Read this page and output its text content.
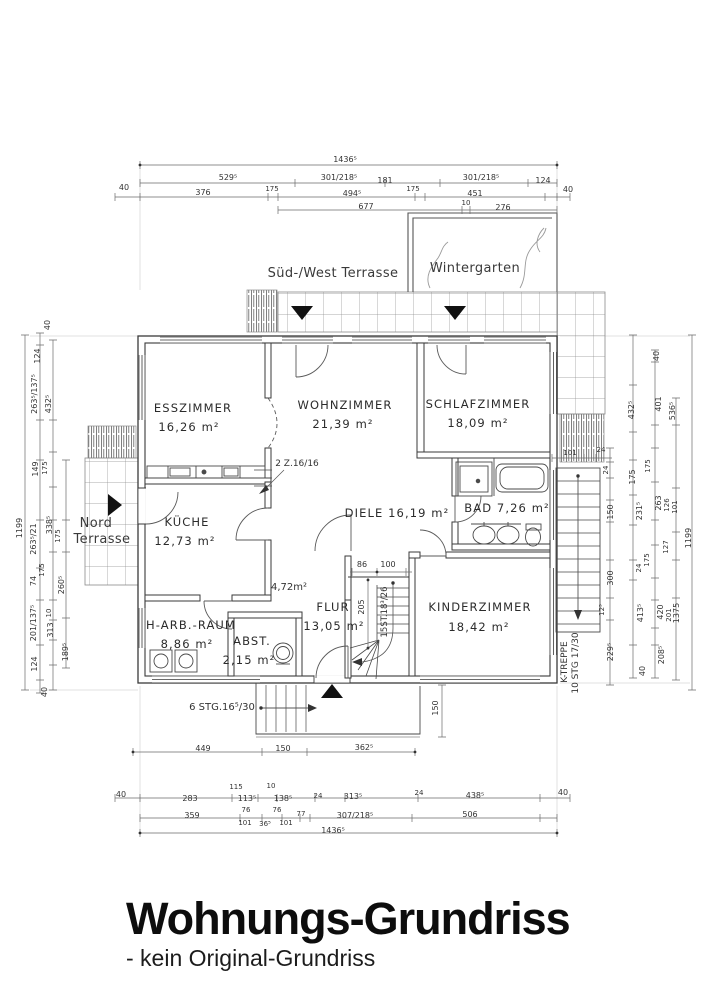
1436⁵
529⁵	301/218⁵	181	301/218⁵	124
40
376	175	494⁵	175	451	40
677	10	276
449	150	362⁵
40	283
115
113⁵
10
138⁵	24	313⁵	24	438⁵	40
359
76
101 36⁵
76
101
77	307/218⁵	506
1436⁵
1199
40
124
263⁵/137⁵ 432⁵
149 175
263⁵/21 338⁵
175
74
175
260⁵
201/137⁵ 10
313
124
189⁵
40
24
150
300
12⁵
229⁵
432⁵
175
231⁵
24
413⁵
40
40
401
175
263
175
420 201
208⁵
536⁵
126
127
1375
101
1199
86 100
205
101	24
150
ESSZIMMER
16,26 m²
WOHNZIMMER
21,39 m²
SCHLAFZIMMER
18,09 m²
KÜCHE
12,73 m²
DIELE 16,19 m² BAD 7,26 m²
FLUR
13,05 m²
KINDERZIMMER
18,42 m²
H-ARB.-RAUM
8,86 m² ABST.
2,15 m²
Süd-/West Terrasse Wintergarten
Nord
Terrasse
2 Z.16/16
4,72m²	15ST.18³/26
6 STG.16⁵/30
K-TREPPE 10 STG 17/30
Wohnungs-Grundriss
- kein Original-Grundriss
